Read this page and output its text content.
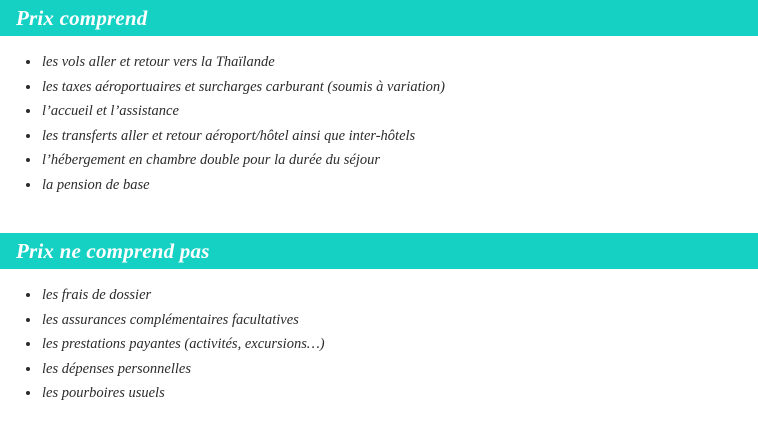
Prix comprend
les vols aller et retour vers la Thaïlande
les taxes aéroportuaires et surcharges carburant (soumis à variation)
l’accueil et l’assistance
les transferts aller et retour aéroport/hôtel ainsi que inter-hôtels
l’hébergement en chambre double pour la durée du séjour
la pension de base
Prix ne comprend pas
les frais de dossier
les assurances complémentaires facultatives
les prestations payantes (activités, excursions…)
les dépenses personnelles
les pourboires usuels
